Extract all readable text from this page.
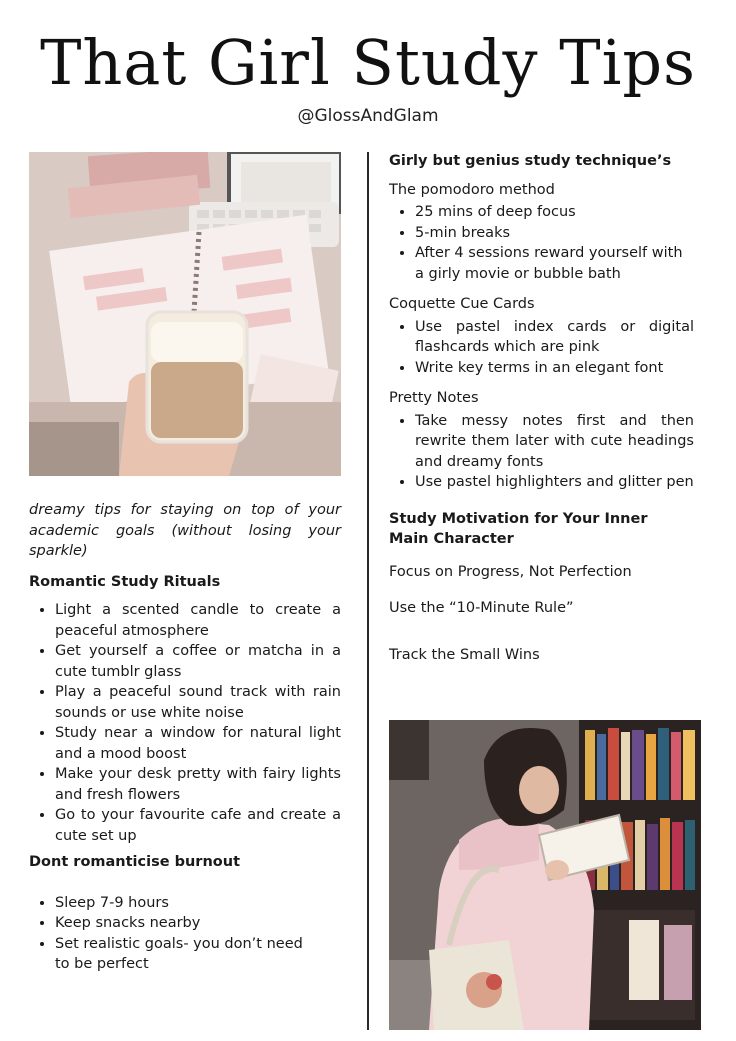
That Girl Study Tips
@GlossAndGlam

dreamy tips for staying on top of your academic goals (without losing your sparkle)

Romantic Study Rituals
• Light a scented candle to create a peaceful atmosphere
• Get yourself a coffee or matcha in a cute tumblr glass
• Play a peaceful sound track with rain sounds or use white noise
• Study near a window for natural light and a mood boost
• Make your desk pretty with fairy lights and fresh flowers
• Go to your favourite cafe and create a cute set up
Dont romanticise burnout
• Sleep 7-9 hours
• Keep snacks nearby
• Set realistic goals- you don’t need to be perfect
Girly but genius study technique’s

The pomodoro method

• 25 mins of deep focus
• 5-min breaks
• After 4 sessions reward yourself with a girly movie or bubble bath

Coquette Cue Cards

• Use pastel index cards or digital flashcards which are pink
• Write key terms in an elegant font

Pretty Notes

• Take messy notes first and then rewrite them later with cute headings and dreamy fonts
• Use pastel highlighters and glitter pen
Study Motivation for Your Inner
Main Character

Focus on Progress, Not Perfection

Use the “10-Minute Rule”

Track the Small Wins
